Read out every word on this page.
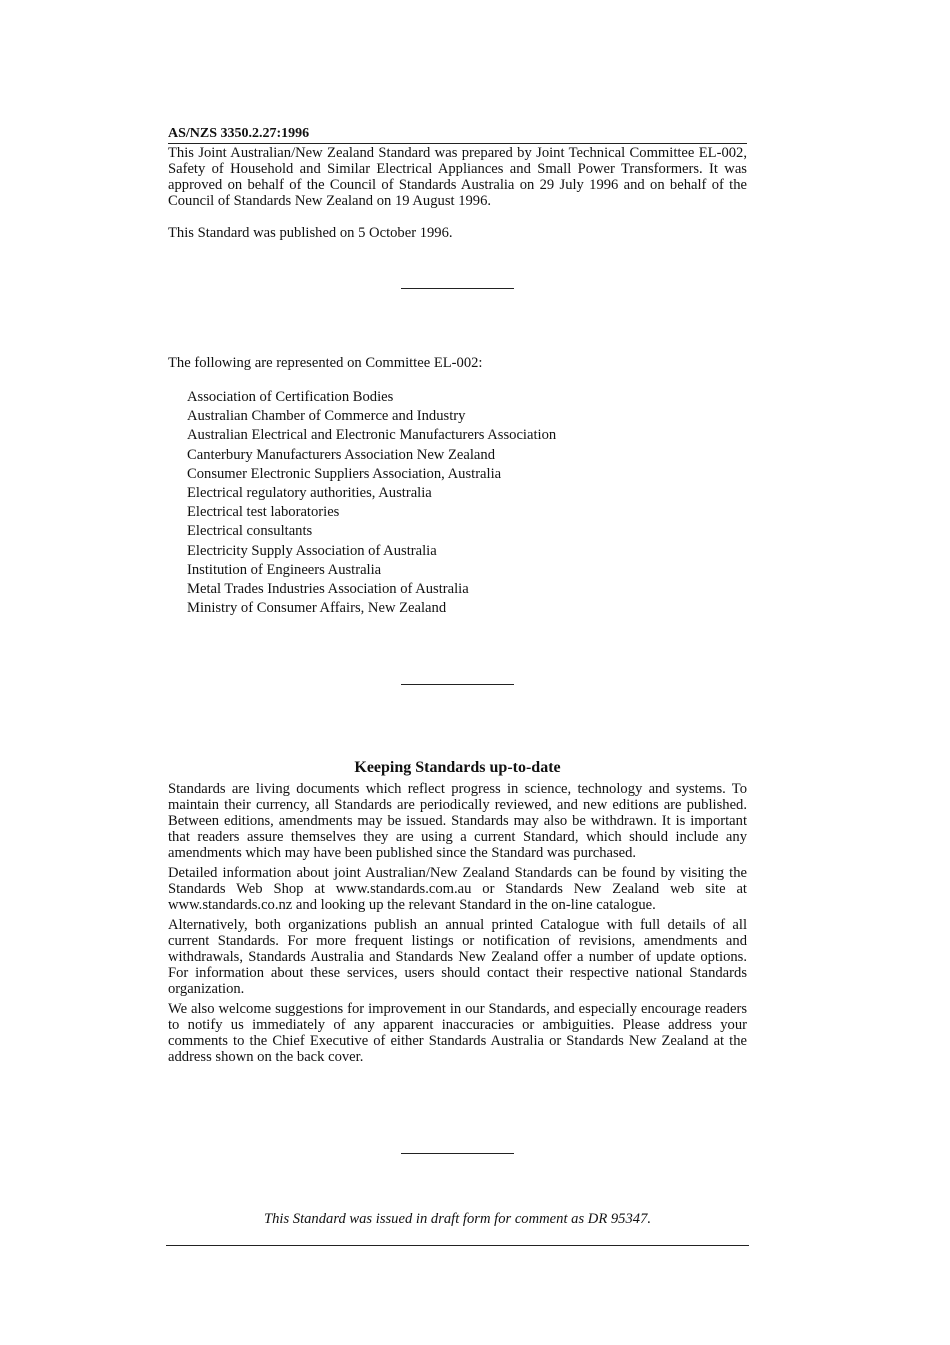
AS/NZS 3350.2.27:1996

This Joint Australian/New Zealand Standard was prepared by Joint Technical Committee EL-002, Safety of Household and Similar Electrical Appliances and Small Power Transformers. It was approved on behalf of the Council of Standards Australia on 29 July 1996 and on behalf of the Council of Standards New Zealand on 19 August 1996.

This Standard was published on 5 October 1996.
The following are represented on Committee EL-002:
Association of Certification Bodies
Australian Chamber of Commerce and Industry
Australian Electrical and Electronic Manufacturers Association
Canterbury Manufacturers Association New Zealand
Consumer Electronic Suppliers Association, Australia
Electrical regulatory authorities, Australia
Electrical test laboratories
Electrical consultants
Electricity Supply Association of Australia
Institution of Engineers Australia
Metal Trades Industries Association of Australia
Ministry of Consumer Affairs, New Zealand
Keeping Standards up-to-date

Standards are living documents which reflect progress in science, technology and systems. To maintain their currency, all Standards are periodically reviewed, and new editions are published. Between editions, amendments may be issued. Standards may also be withdrawn. It is important that readers assure themselves they are using a current Standard, which should include any amendments which may have been published since the Standard was purchased.

Detailed information about joint Australian/New Zealand Standards can be found by visiting the Standards Web Shop at www.standards.com.au or Standards New Zealand web site at www.standards.co.nz and looking up the relevant Standard in the on-line catalogue.

Alternatively, both organizations publish an annual printed Catalogue with full details of all current Standards. For more frequent listings or notification of revisions, amendments and withdrawals, Standards Australia and Standards New Zealand offer a number of update options. For information about these services, users should contact their respective national Standards organization.

We also welcome suggestions for improvement in our Standards, and especially encourage readers to notify us immediately of any apparent inaccuracies or ambiguities. Please address your comments to the Chief Executive of either Standards Australia or Standards New Zealand at the address shown on the back cover.

This Standard was issued in draft form for comment as DR 95347.
